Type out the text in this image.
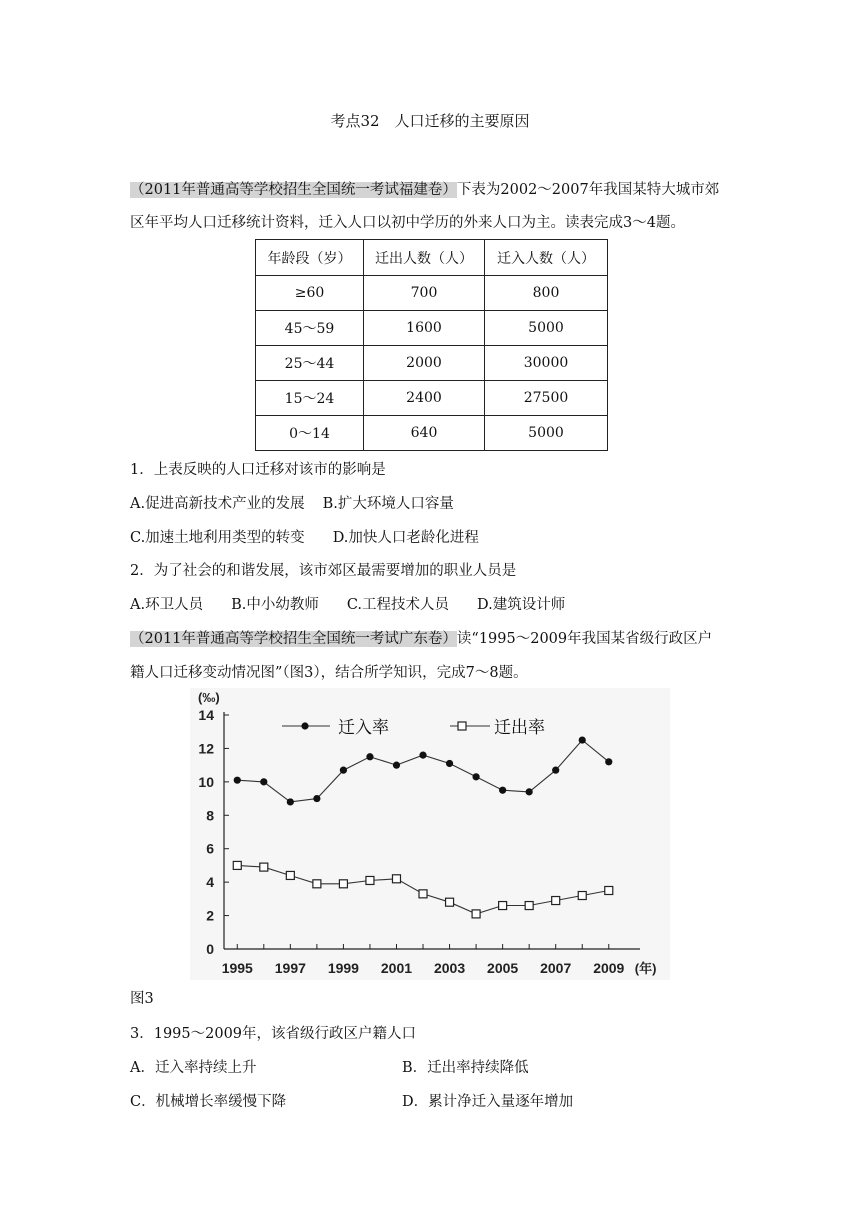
考点32　人口迁移的主要原因
（2011年普通高等学校招生全国统一考试福建卷）下表为2002～2007年我国某特大城市郊
区年平均人口迁移统计资料，迁入人口以初中学历的外来人口为主。读表完成3～4题。
年龄段（岁）	迁出人数（人）	迁入人数（人）
≥60	700	800
45～59	1600	5000
25～44	2000	30000
15～24	2400	27500
0～14	640	5000
1．上表反映的人口迁移对该市的影响是
A.促进高新技术产业的发展 B.扩大环境人口容量
C.加速土地利用类型的转变 D.加快人口老龄化进程
2．为了社会的和谐发展，该市郊区最需要增加的职业人员是
A.环卫人员 B.中小幼教师 C.工程技术人员 D.建筑设计师
（2011年普通高等学校招生全国统一考试广东卷）读“1995～2009年我国某省级行政区户
籍人口迁移变动情况图”（图3），结合所学知识，完成7～8题。
0
2
4
6
8
10
12
14
(‰)
1995 1997 1999 2001 2003 2005 2007 2009 (年)
迁入率	迁出率
图3
3．1995～2009年，该省级行政区户籍人口
A．迁入率持续上升	B．迁出率持续降低
C．机械增长率缓慢下降	D．累计净迁入量逐年增加
